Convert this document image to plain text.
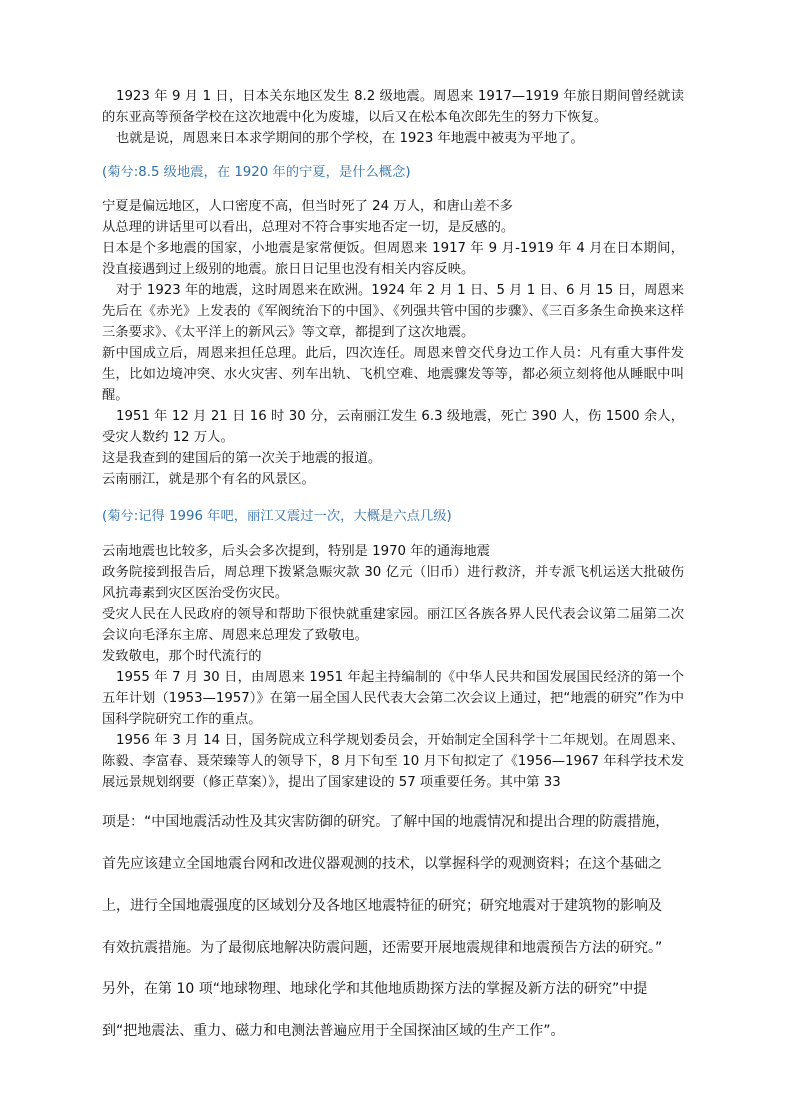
1923 年 9 月 1 日，日本关东地区发生 8.2 级地震。周恩来 1917—1919 年旅日期间曾经就读的东亚高等预备学校在这次地震中化为废墟，以后又在松本龟次郎先生的努力下恢复。

也就是说，周恩来日本求学期间的那个学校，在 1923 年地震中被夷为平地了。

(菊兮:8.5 级地震，在 1920 年的宁夏，是什么概念)

宁夏是偏远地区，人口密度不高，但当时死了 24 万人，和唐山差不多

从总理的讲话里可以看出，总理对不符合事实地否定一切，是反感的。

日本是个多地震的国家，小地震是家常便饭。但周恩来 1917 年 9 月-1919 年 4 月在日本期间，没直接遇到过上级别的地震。旅日日记里也没有相关内容反映。

对于 1923 年的地震，这时周恩来在欧洲。1924 年 2 月 1 日、5 月 1 日、6 月 15 日，周恩来先后在《赤光》上发表的《军阀统治下的中国》、《列强共管中国的步骤》、《三百多条生命换来这样三条要求》、《太平洋上的新风云》等文章，都提到了这次地震。

新中国成立后，周恩来担任总理。此后，四次连任。周恩来曾交代身边工作人员：凡有重大事件发生，比如边境冲突、水火灾害、列车出轨、飞机空难、地震骤发等等，都必须立刻将他从睡眠中叫醒。

1951 年 12 月 21 日 16 时 30 分，云南丽江发生 6.3 级地震，死亡 390 人，伤 1500 余人，受灾人数约 12 万人。

这是我查到的建国后的第一次关于地震的报道。

云南丽江，就是那个有名的风景区。

(菊兮:记得 1996 年吧，丽江又震过一次，大概是六点几级)

云南地震也比较多，后头会多次提到，特别是 1970 年的通海地震

政务院接到报告后，周总理下拨紧急赈灾款 30 亿元（旧币）进行救济，并专派飞机运送大批破伤风抗毒素到灾区医治受伤灾民。

受灾人民在人民政府的领导和帮助下很快就重建家园。丽江区各族各界人民代表会议第二届第二次会议向毛泽东主席、周恩来总理发了致敬电。

发致敬电，那个时代流行的

1955 年 7 月 30 日，由周恩来 1951 年起主持编制的《中华人民共和国发展国民经济的第一个五年计划（1953—1957）》在第一届全国人民代表大会第二次会议上通过，把“地震的研究”作为中国科学院研究工作的重点。

1956 年 3 月 14 日，国务院成立科学规划委员会，开始制定全国科学十二年规划。在周恩来、陈毅、李富春、聂荣臻等人的领导下，8 月下旬至 10 月下旬拟定了《1956—1967 年科学技术发展远景规划纲要（修正草案）》，提出了国家建设的 57 项重要任务。其中第 33

项是：“中国地震活动性及其灾害防御的研究。了解中国的地震情况和提出合理的防震措施，

首先应该建立全国地震台网和改进仪器观测的技术，以掌握科学的观测资料；在这个基础之

上，进行全国地震强度的区域划分及各地区地震特征的研究；研究地震对于建筑物的影响及

有效抗震措施。为了最彻底地解决防震问题，还需要开展地震规律和地震预告方法的研究。”

另外，在第 10 项“地球物理、地球化学和其他地质勘探方法的掌握及新方法的研究”中提

到“把地震法、重力、磁力和电测法普遍应用于全国探油区域的生产工作”。
